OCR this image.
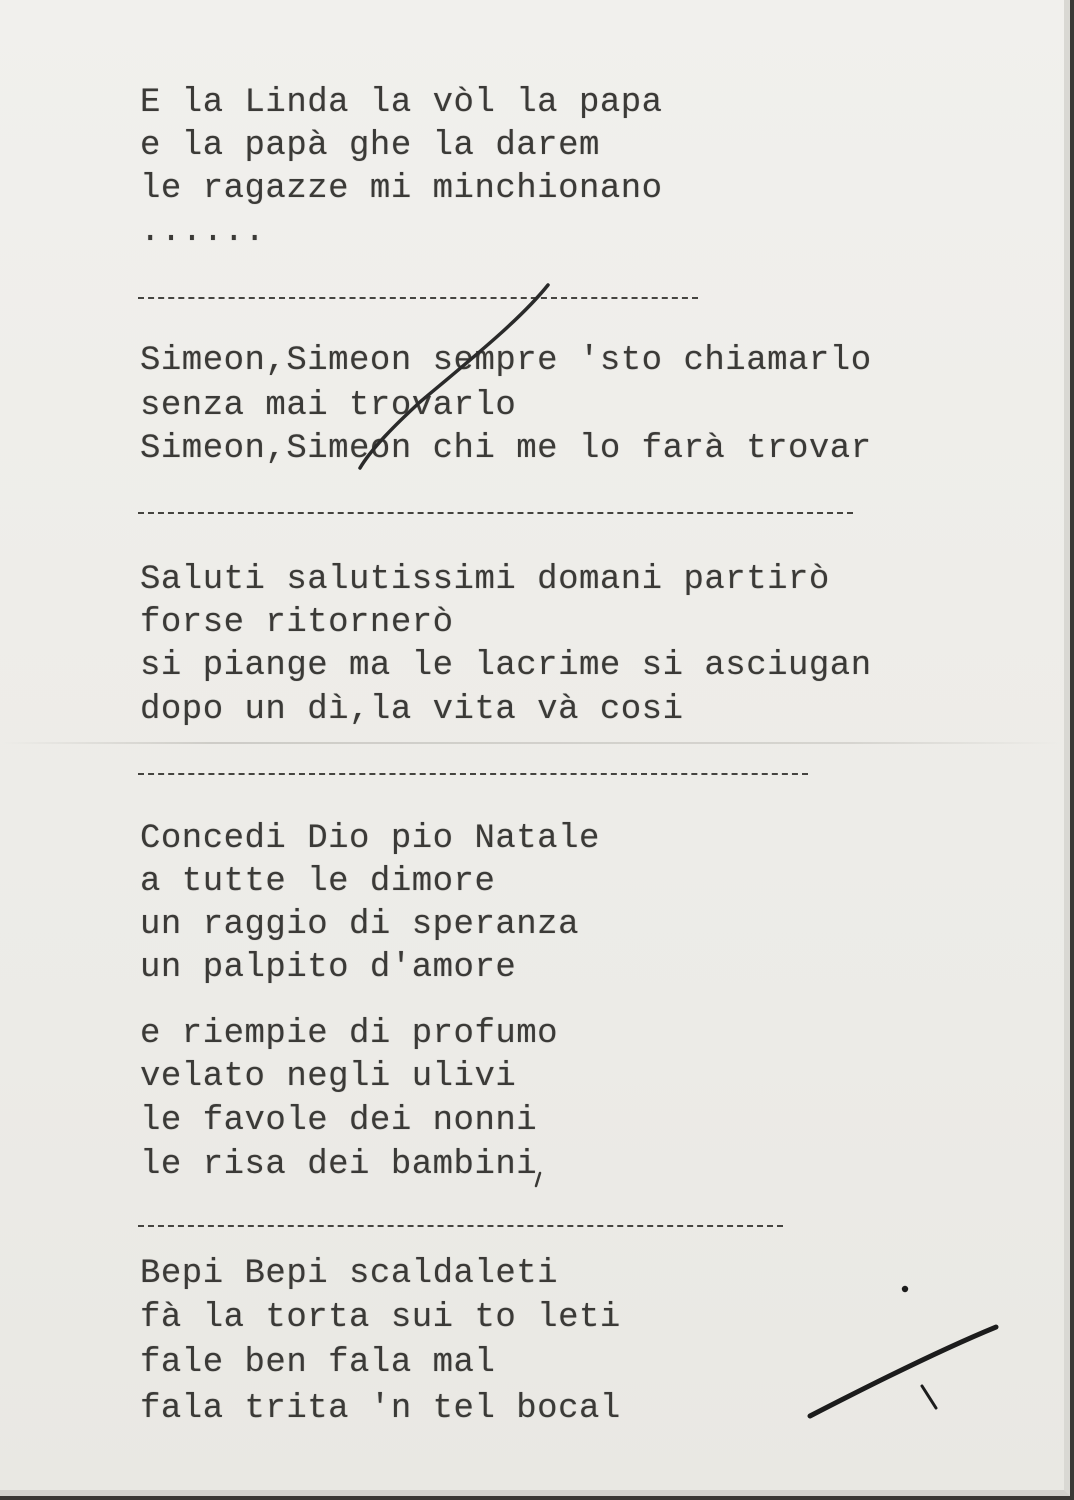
E la Linda la vòl la papa
e la papà ghe la darem
le ragazze mi minchionano
......
Simeon,Simeon sempre 'sto chiamarlo
senza mai trovarlo
Simeon,Simeon chi me lo farà trovar
Saluti salutissimi domani partirò
forse ritornerò
si piange ma le lacrime si asciugan
dopo un dì,la vita và cosi
Concedi Dio pio Natale
a tutte le dimore
un raggio di speranza
un palpito d'amore
e riempie di profumo
velato negli ulivi
le favole dei nonni
le risa dei bambini
Bepi Bepi scaldaleti
fà la torta sui to leti
fale ben fala mal
fala trita 'n tel bocal
